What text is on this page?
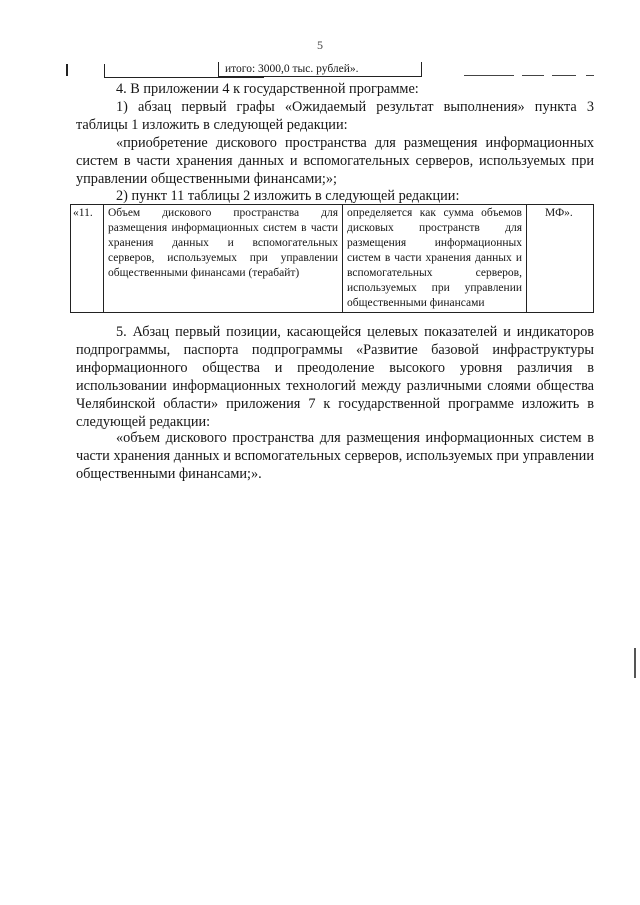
5
итого: 3000,0 тыс. рублей».

4. В приложении 4 к государственной программе:

1) абзац первый графы «Ожидаемый результат выполнения» пункта 3 таблицы 1 изложить в следующей редакции:

«приобретение дискового пространства для размещения информационных систем в части хранения данных и вспомогательных серверов, используемых при управлении общественными финансами;»;

2) пункт 11 таблицы 2 изложить в следующей редакции:

«11.	Объем дискового пространства для размещения информационных систем в части хранения данных и вспомогательных серверов, используемых при управлении общественными финансами (терабайт)	определяется как сумма объемов дисковых пространств для размещения информационных систем в части хранения данных и вспомогательных серверов, используемых при управлении общественными финансами	МФ».

5. Абзац первый позиции, касающейся целевых показателей и индикаторов подпрограммы, паспорта подпрограммы «Развитие базовой инфраструктуры информационного общества и преодоление высокого уровня различия в использовании информационных технологий между различными слоями общества Челябинской области» приложения 7 к государственной программе изложить в следующей редакции:

«объем дискового пространства для размещения информационных систем в части хранения данных и вспомогательных серверов, используемых при управлении общественными финансами;».
